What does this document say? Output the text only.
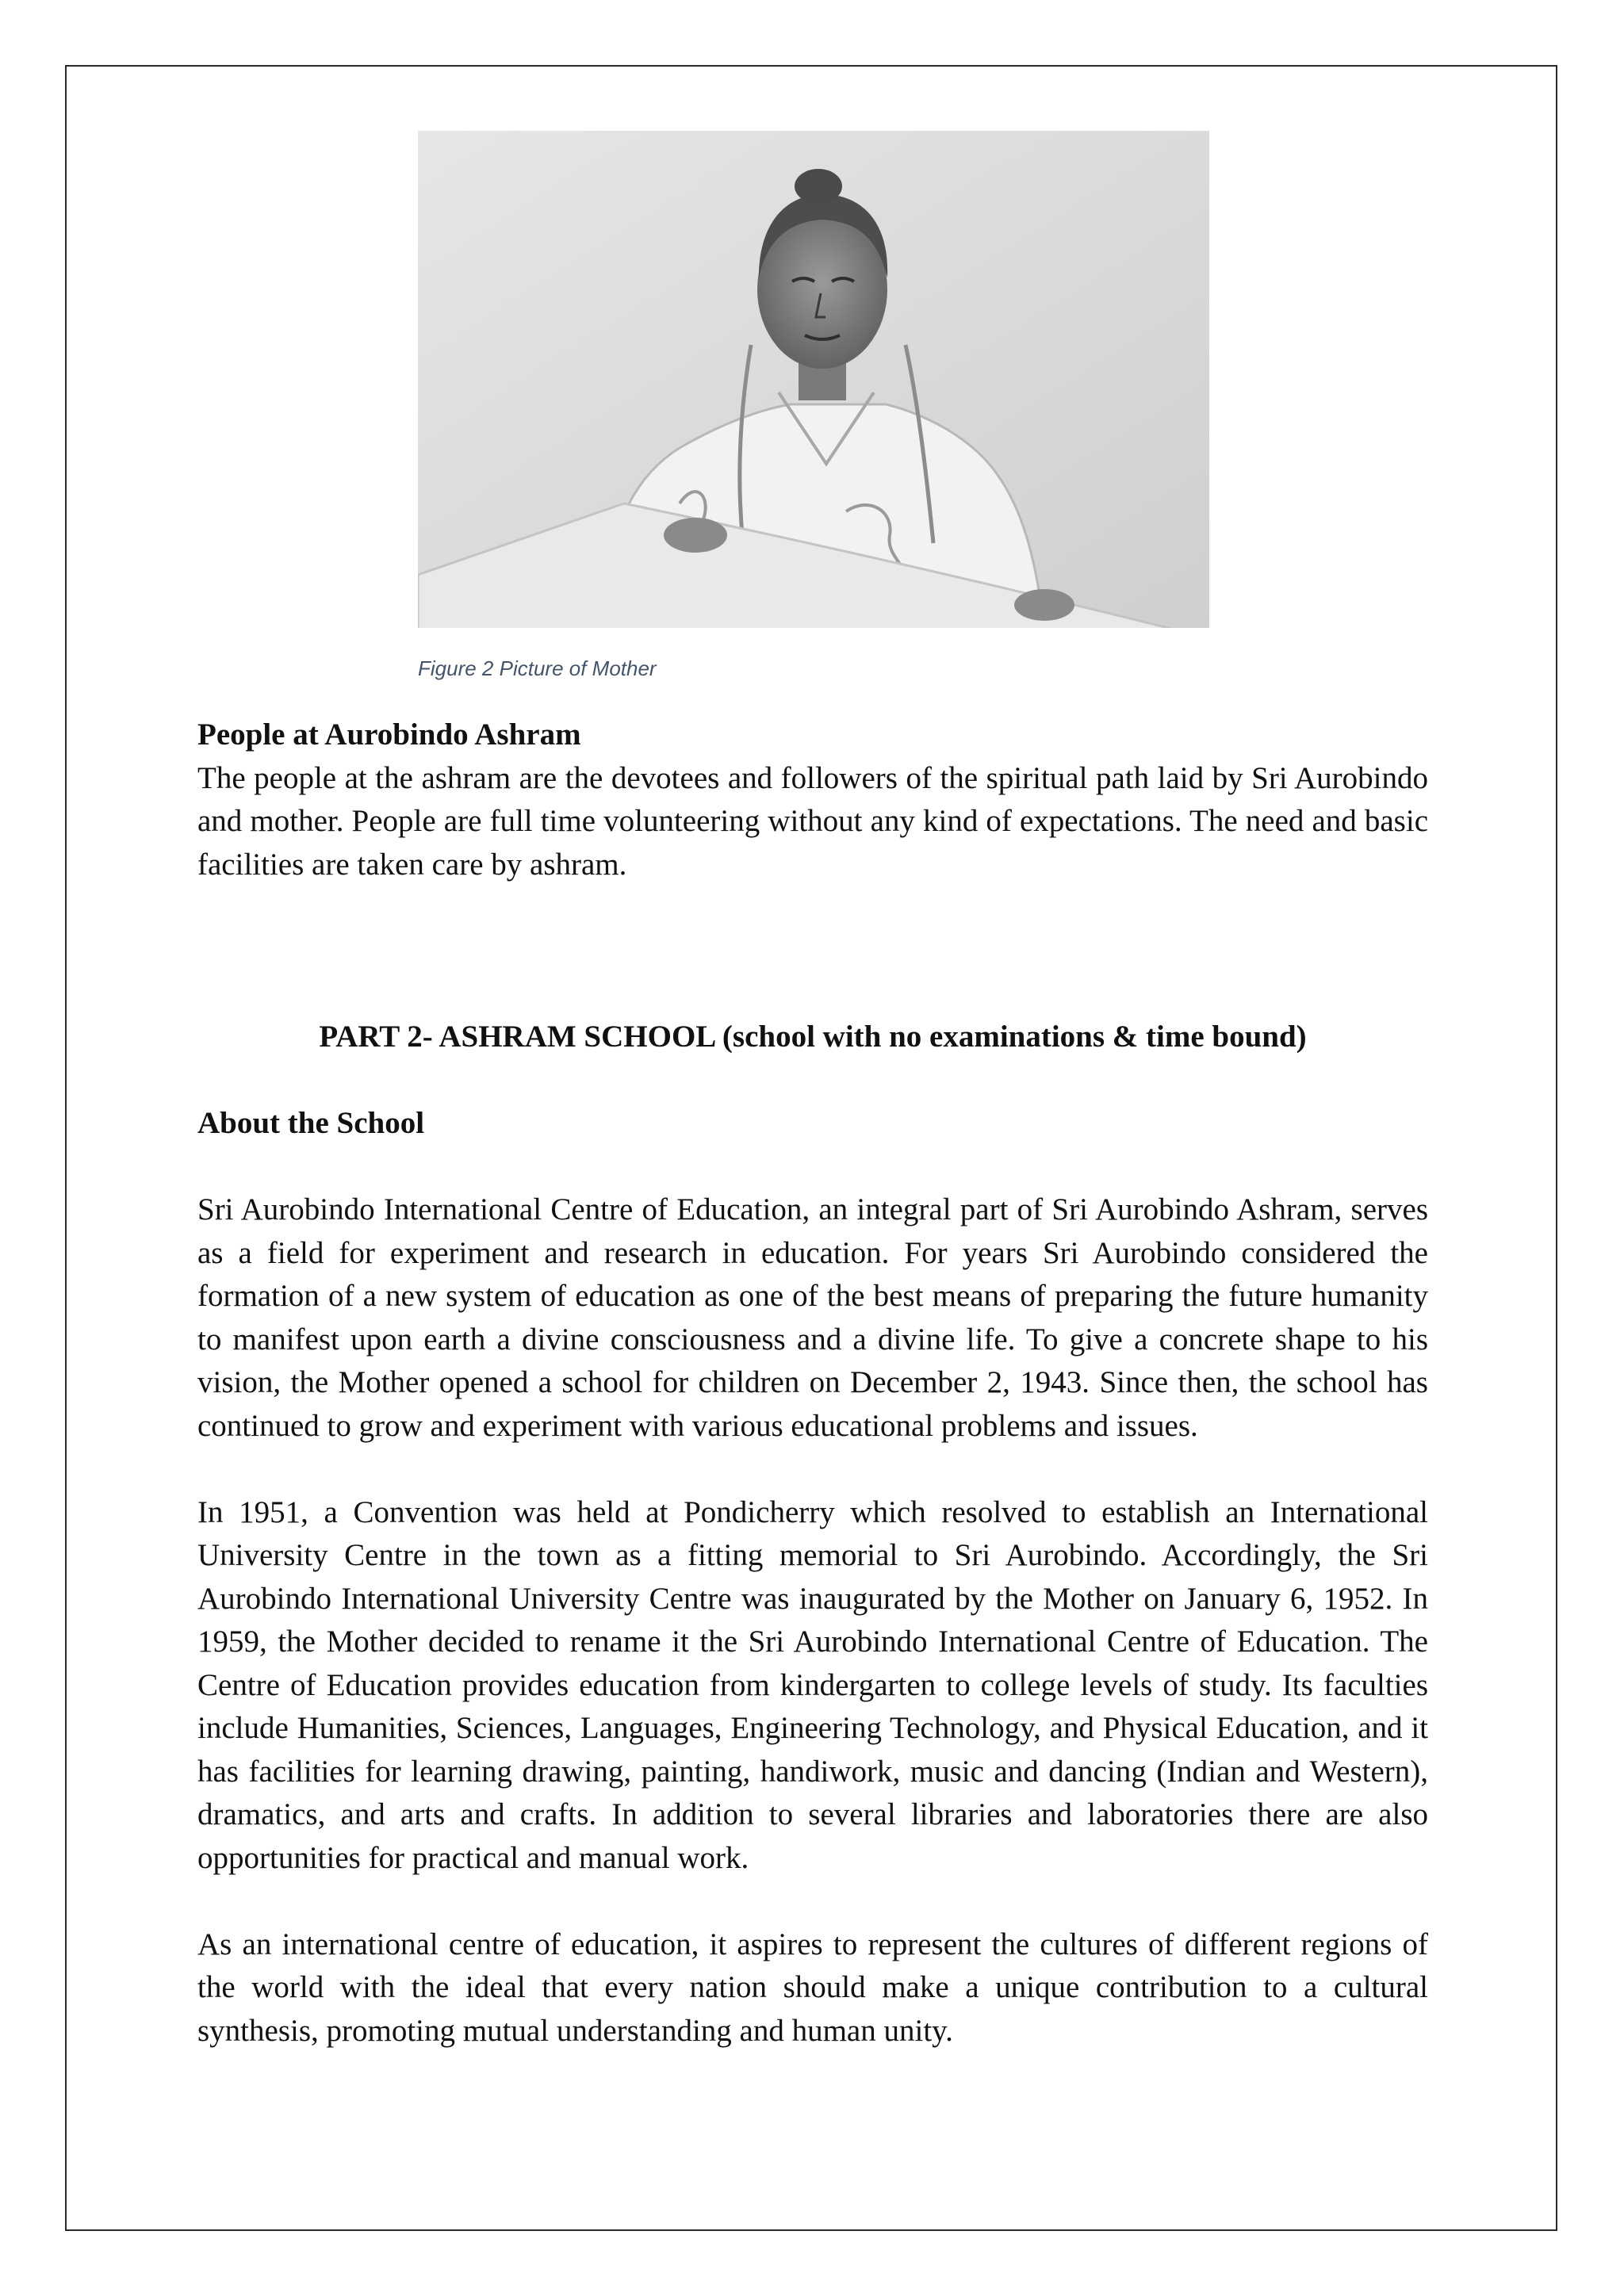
Figure 2 Picture of Mother

People at Aurobindo Ashram

The people at the ashram are the devotees and followers of the spiritual path laid by Sri Aurobindo and mother. People are full time volunteering without any kind of expectations. The need and basic facilities are taken care by ashram.

PART 2- ASHRAM SCHOOL (school with no examinations & time bound)

About the School

Sri Aurobindo International Centre of Education, an integral part of Sri Aurobindo Ashram, serves as a field for experiment and research in education. For years Sri Aurobindo considered the formation of a new system of education as one of the best means of preparing the future humanity to manifest upon earth a divine consciousness and a divine life. To give a concrete shape to his vision, the Mother opened a school for children on December 2, 1943. Since then, the school has continued to grow and experiment with various educational problems and issues.

In 1951, a Convention was held at Pondicherry which resolved to establish an International University Centre in the town as a fitting memorial to Sri Aurobindo. Accordingly, the Sri Aurobindo International University Centre was inaugurated by the Mother on January 6, 1952. In 1959, the Mother decided to rename it the Sri Aurobindo International Centre of Education. The Centre of Education provides education from kindergarten to college levels of study. Its faculties include Humanities, Sciences, Languages, Engineering Technology, and Physical Education, and it has facilities for learning drawing, painting, handiwork, music and dancing (Indian and Western), dramatics, and arts and crafts. In addition to several libraries and laboratories there are also opportunities for practical and manual work.

As an international centre of education, it aspires to represent the cultures of different regions of the world with the ideal that every nation should make a unique contribution to a cultural synthesis, promoting mutual understanding and human unity.
